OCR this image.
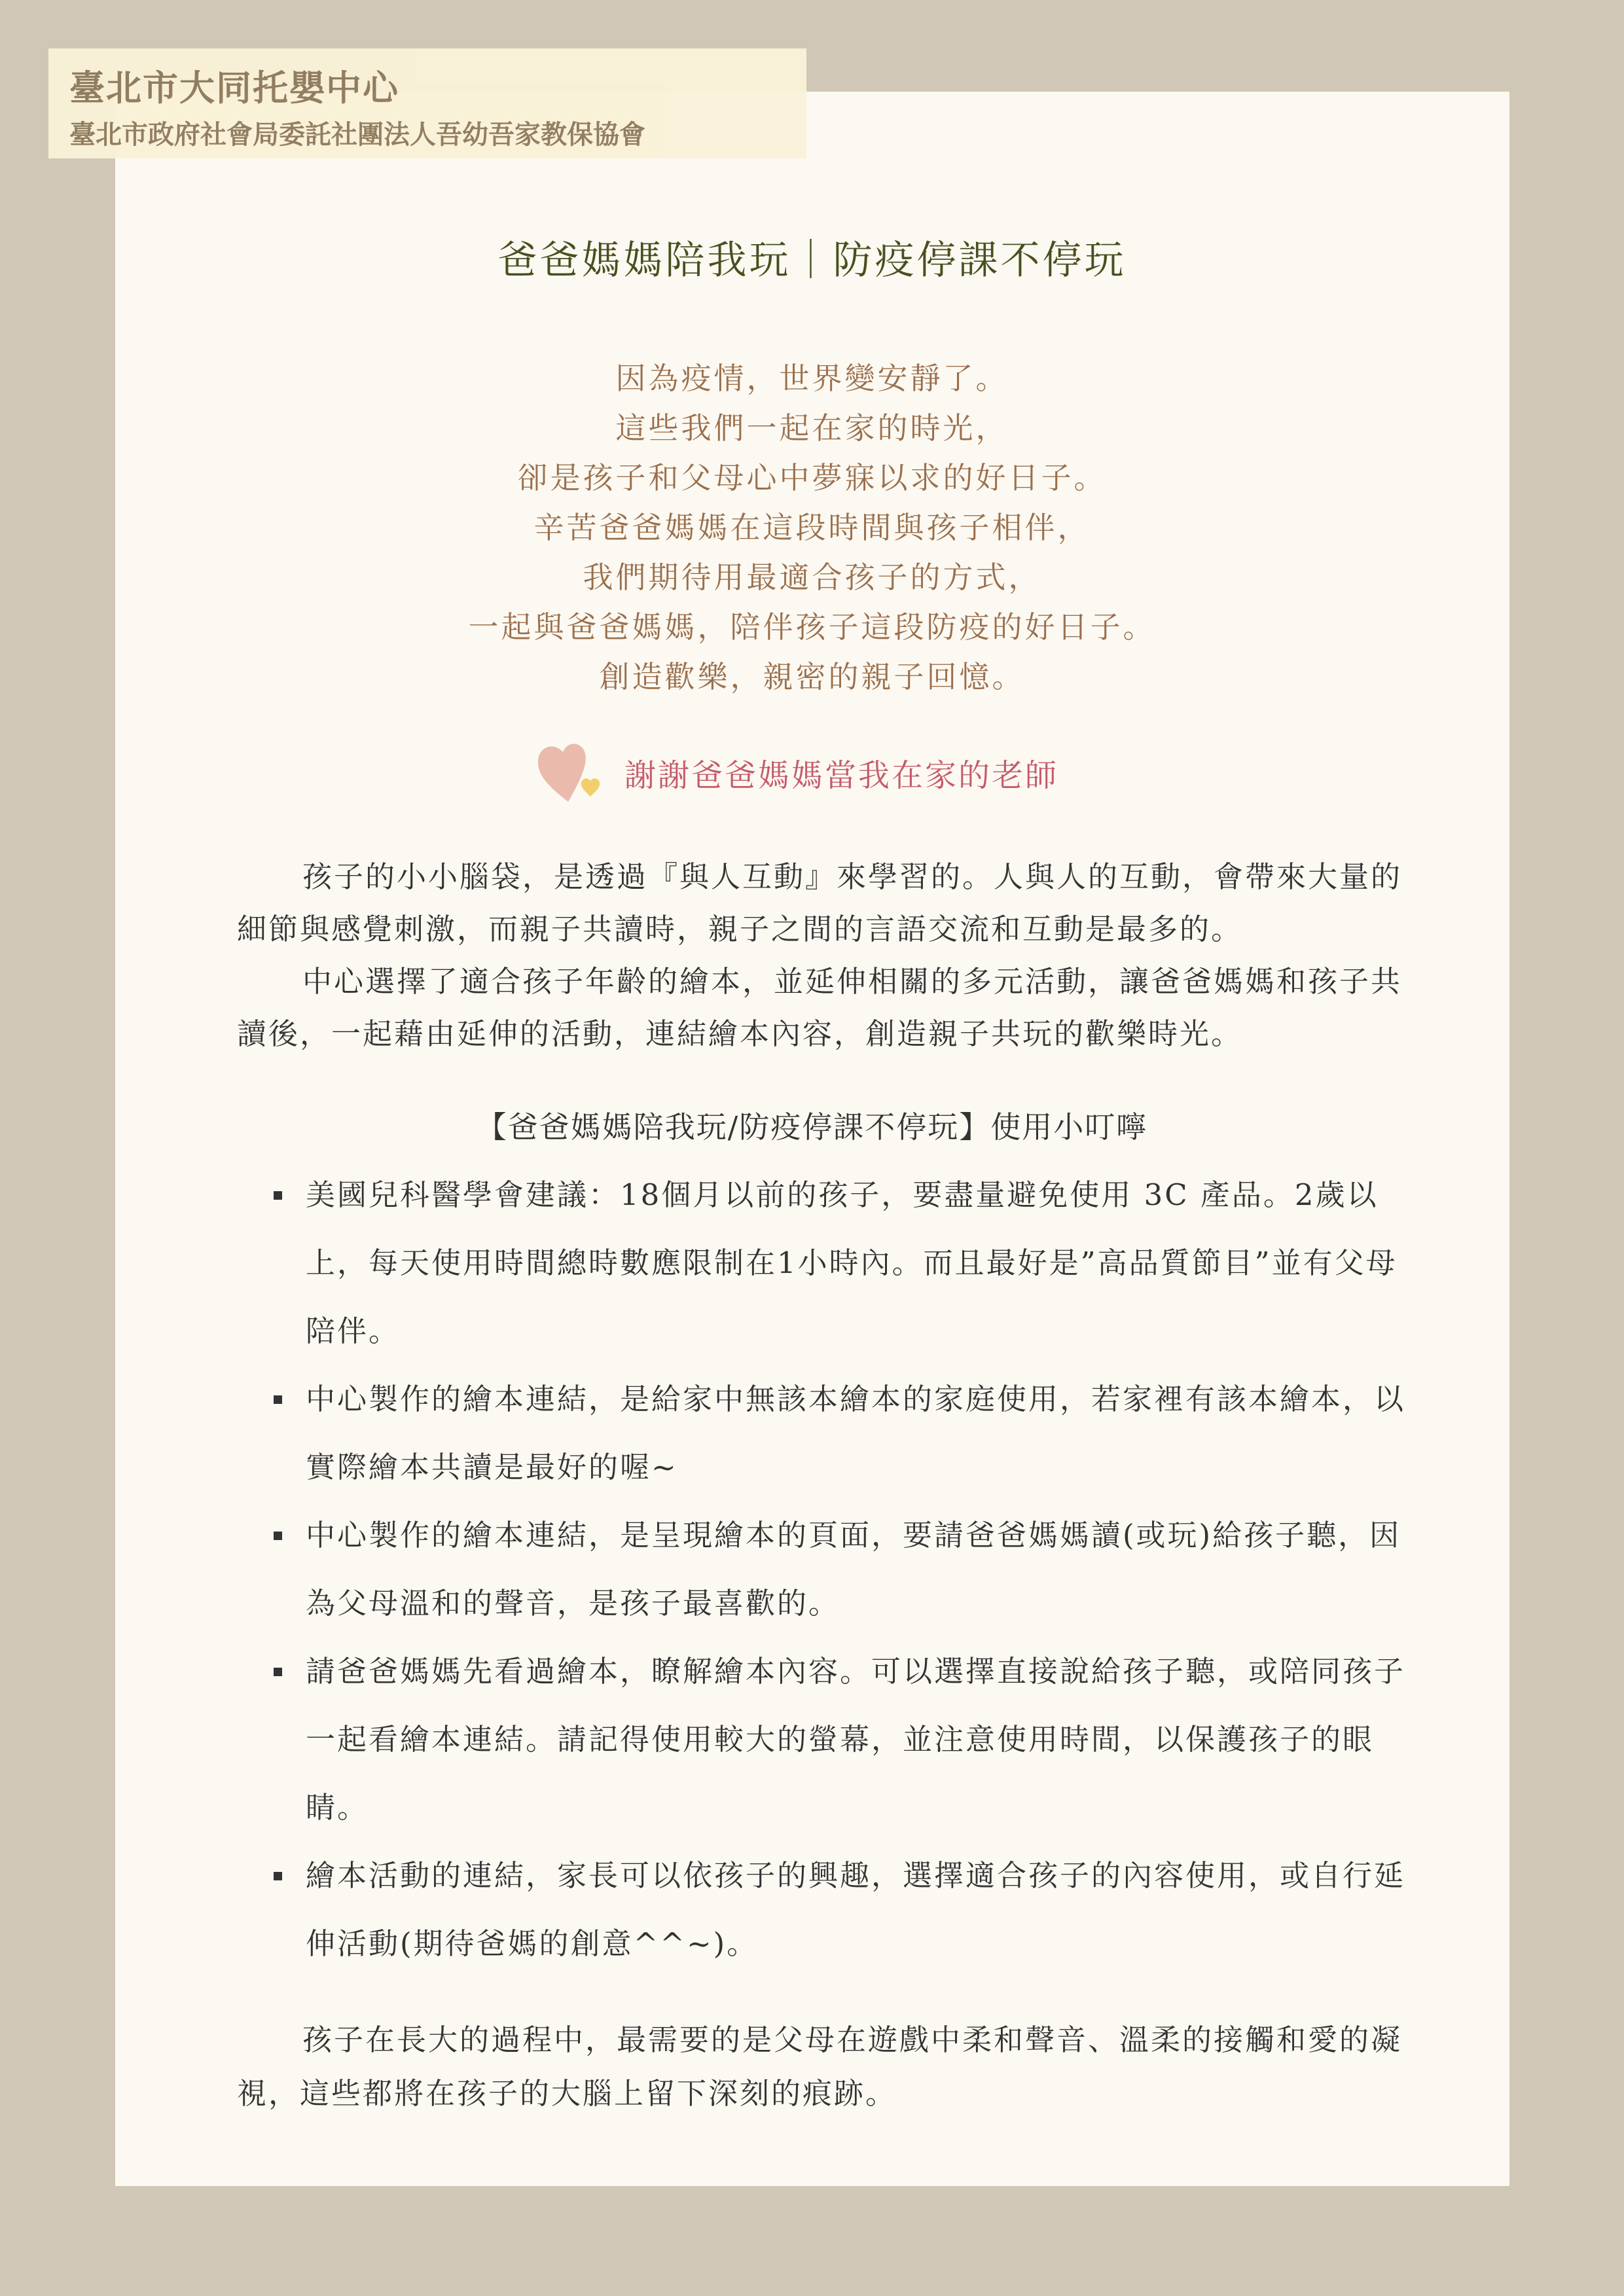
臺北市大同托嬰中心
臺北市政府社會局委託社團法人吾幼吾家教保協會
爸爸媽媽陪我玩｜防疫停課不停玩
因為疫情，世界變安靜了。
這些我們一起在家的時光，
卻是孩子和父母心中夢寐以求的好日子。
辛苦爸爸媽媽在這段時間與孩子相伴，
我們期待用最適合孩子的方式，
一起與爸爸媽媽，陪伴孩子這段防疫的好日子。
創造歡樂，親密的親子回憶。
謝謝爸爸媽媽當我在家的老師

孩子的小小腦袋，是透過『與人互動』來學習的。人與人的互動，會帶來大量的細節與感覺刺激，而親子共讀時，親子之間的言語交流和互動是最多的。

中心選擇了適合孩子年齡的繪本，並延伸相關的多元活動，讓爸爸媽媽和孩子共讀後，一起藉由延伸的活動，連結繪本內容，創造親子共玩的歡樂時光。

【爸爸媽媽陪我玩/防疫停課不停玩】使用小叮嚀
美國兒科醫學會建議：18個月以前的孩子，要盡量避免使用 3C 產品。2歲以上，每天使用時間總時數應限制在1小時內。而且最好是”高品質節目”並有父母陪伴。
中心製作的繪本連結，是給家中無該本繪本的家庭使用，若家裡有該本繪本，以實際繪本共讀是最好的喔~
中心製作的繪本連結，是呈現繪本的頁面，要請爸爸媽媽讀(或玩)給孩子聽，因為父母溫和的聲音，是孩子最喜歡的。
請爸爸媽媽先看過繪本，瞭解繪本內容。可以選擇直接說給孩子聽，或陪同孩子一起看繪本連結。請記得使用較大的螢幕，並注意使用時間，以保護孩子的眼睛。
繪本活動的連結，家長可以依孩子的興趣，選擇適合孩子的內容使用，或自行延伸活動(期待爸媽的創意^^~)。

孩子在長大的過程中，最需要的是父母在遊戲中柔和聲音、溫柔的接觸和愛的凝視，這些都將在孩子的大腦上留下深刻的痕跡。
